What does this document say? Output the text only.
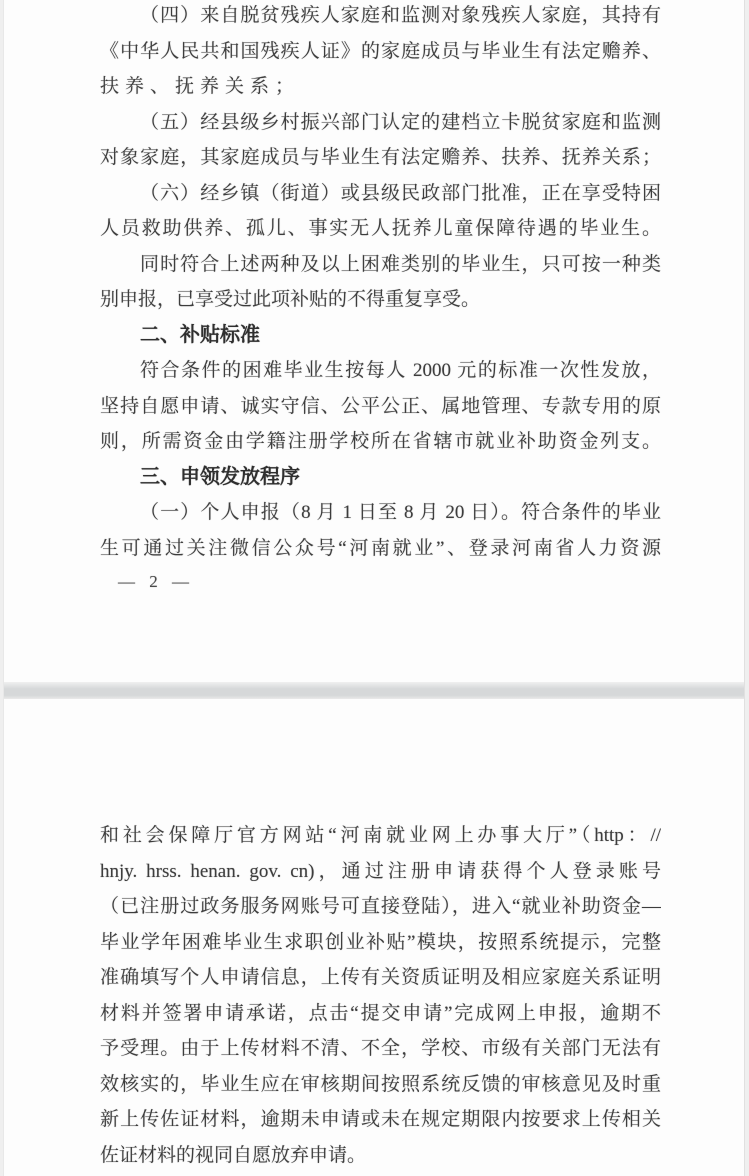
（四）来自脱贫残疾人家庭和监测对象残疾人家庭，其持有
《中华人民共和国残疾人证》的家庭成员与毕业生有法定赡养、
扶养、抚养关系；
（五）经县级乡村振兴部门认定的建档立卡脱贫家庭和监测
对象家庭，其家庭成员与毕业生有法定赡养、扶养、抚养关系；
（六）经乡镇（街道）或县级民政部门批准，正在享受特困
人员救助供养、孤儿、事实无人抚养儿童保障待遇的毕业生。
同时符合上述两种及以上困难类别的毕业生，只可按一种类
别申报，已享受过此项补贴的不得重复享受。
二、补贴标准
符合条件的困难毕业生按每人 2000 元的标准一次性发放，
坚持自愿申请、诚实守信、公平公正、属地管理、专款专用的原
则，所需资金由学籍注册学校所在省辖市就业补助资金列支。
三、申领发放程序
（一）个人申报（8 月 1 日至 8 月 20 日）。符合条件的毕业
生可通过关注微信公众号“河南就业”、登录河南省人力资源
— 2 —
和社会保障厅官方网站“河南就业网上办事大厅”（http：//
hnjy. hrss. henan. gov. cn)，通过注册申请获得个人登录账号
（已注册过政务服务网账号可直接登陆），进入“就业补助资金—
毕业学年困难毕业生求职创业补贴”模块，按照系统提示，完整
准确填写个人申请信息，上传有关资质证明及相应家庭关系证明
材料并签署申请承诺，点击“提交申请”完成网上申报，逾期不
予受理。由于上传材料不清、不全，学校、市级有关部门无法有
效核实的，毕业生应在审核期间按照系统反馈的审核意见及时重
新上传佐证材料，逾期未申请或未在规定期限内按要求上传相关
佐证材料的视同自愿放弃申请。
